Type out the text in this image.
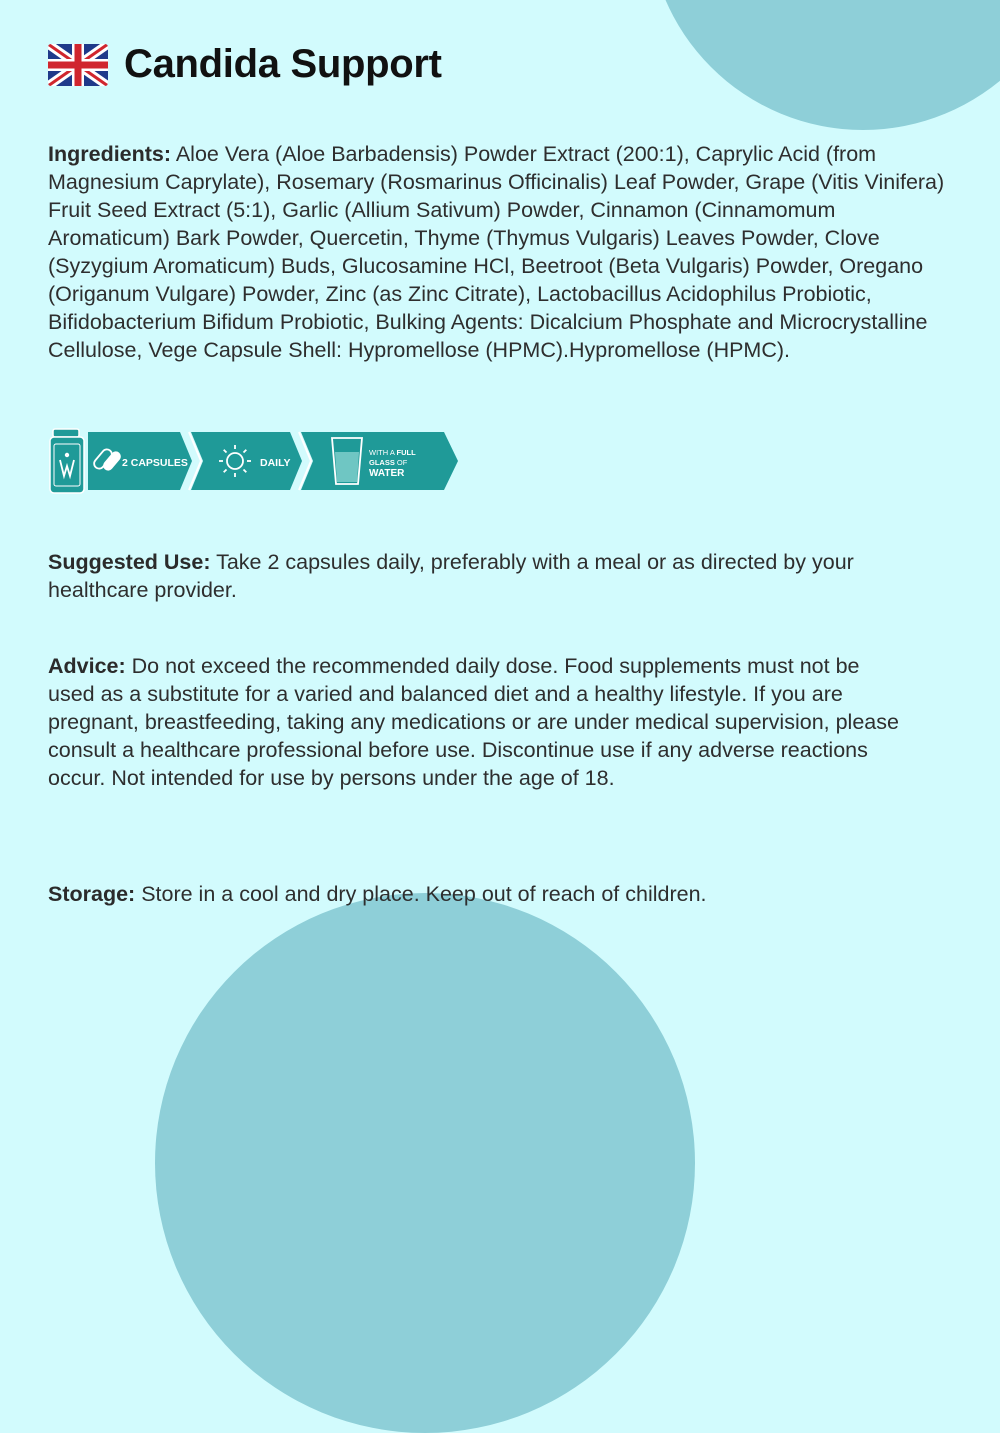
Candida Support
Ingredients: Aloe Vera (Aloe Barbadensis) Powder Extract (200:1), Caprylic Acid (from Magnesium Caprylate), Rosemary (Rosmarinus Officinalis) Leaf Powder, Grape (Vitis Vinifera) Fruit Seed Extract (5:1), Garlic (Allium Sativum) Powder, Cinnamon (Cinnamomum Aromaticum) Bark Powder, Quercetin, Thyme (Thymus Vulgaris) Leaves Powder, Clove (Syzygium Aromaticum) Buds, Glucosamine HCl, Beetroot (Beta Vulgaris) Powder, Oregano (Origanum Vulgare) Powder, Zinc (as Zinc Citrate), Lactobacillus Acidophilus Probiotic, Bifidobacterium Bifidum Probiotic, Bulking Agents: Dicalcium Phosphate and Microcrystalline Cellulose, Vege Capsule Shell: Hypromellose (HPMC).Hypromellose (HPMC).
2 CAPSULES	DAILY
WITH A FULL
GLASS OF
WATER
Suggested Use: Take 2 capsules daily, preferably with a meal or as directed by your healthcare provider.
Advice: Do not exceed the recommended daily dose. Food supplements must not be used as a substitute for a varied and balanced diet and a healthy lifestyle. If you are pregnant, breastfeeding, taking any medications or are under medical supervision, please consult a healthcare professional before use. Discontinue use if any adverse reactions occur. Not intended for use by persons under the age of 18.
Storage: Store in a cool and dry place. Keep out of reach of children.
